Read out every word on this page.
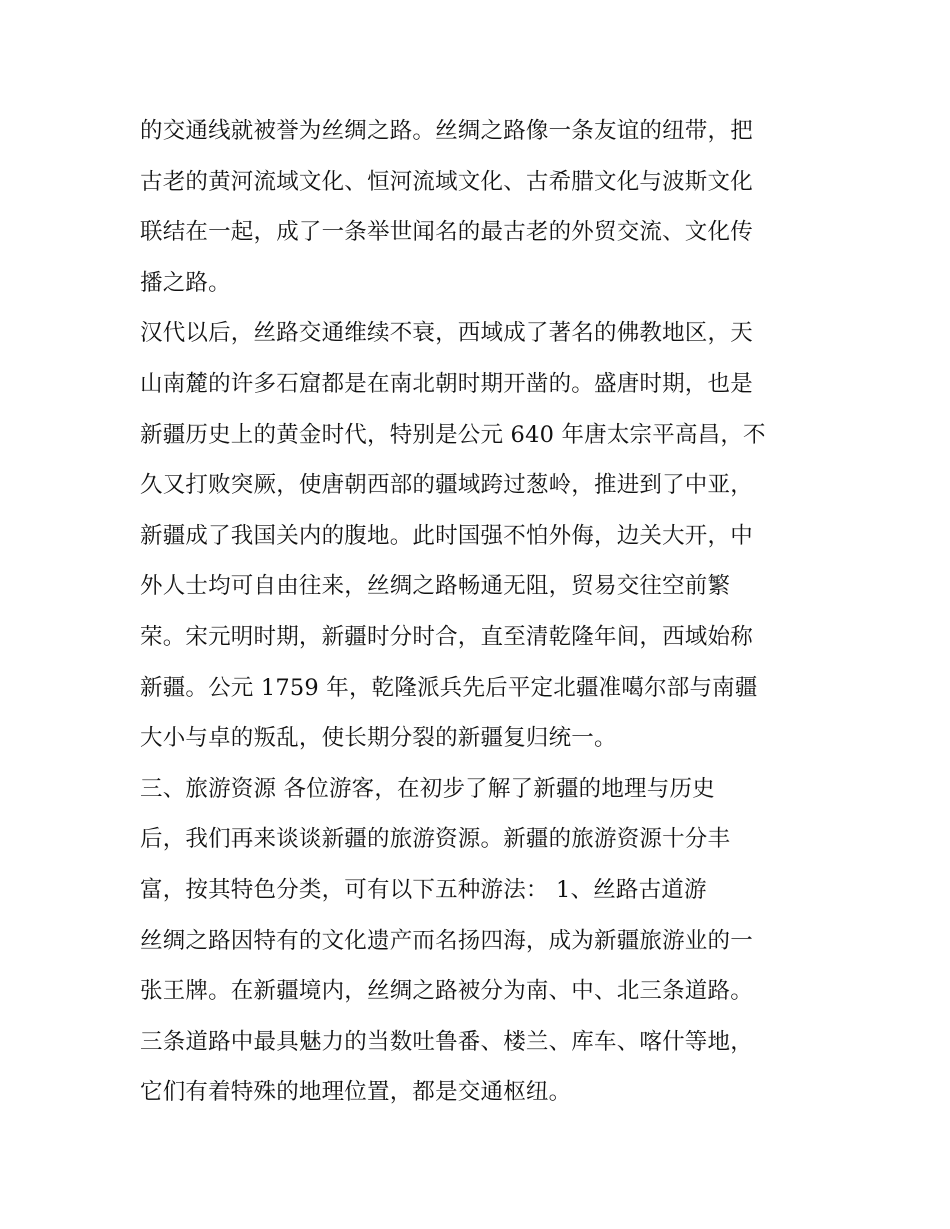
的交通线就被誉为丝绸之路。丝绸之路像一条友谊的纽带，把
古老的黄河流域文化、恒河流域文化、古希腊文化与波斯文化
联结在一起，成了一条举世闻名的最古老的外贸交流、文化传
播之路。
汉代以后，丝路交通维续不衰，西域成了著名的佛教地区，天
山南麓的许多石窟都是在南北朝时期开凿的。盛唐时期，也是
新疆历史上的黄金时代，特别是公元 640 年唐太宗平高昌，不
久又打败突厥，使唐朝西部的疆域跨过葱岭，推进到了中亚，
新疆成了我国关内的腹地。此时国强不怕外侮，边关大开，中
外人士均可自由往来，丝绸之路畅通无阻，贸易交往空前繁
荣。宋元明时期，新疆时分时合，直至清乾隆年间，西域始称
新疆。公元 1759 年，乾隆派兵先后平定北疆准噶尔部与南疆
大小与卓的叛乱，使长期分裂的新疆复归统一。
三、旅游资源 各位游客，在初步了解了新疆的地理与历史
后，我们再来谈谈新疆的旅游资源。新疆的旅游资源十分丰
富，按其特色分类，可有以下五种游法： 1、丝路古道游
丝绸之路因特有的文化遗产而名扬四海，成为新疆旅游业的一
张王牌。在新疆境内，丝绸之路被分为南、中、北三条道路。
三条道路中最具魅力的当数吐鲁番、楼兰、库车、喀什等地，
它们有着特殊的地理位置，都是交通枢纽。
